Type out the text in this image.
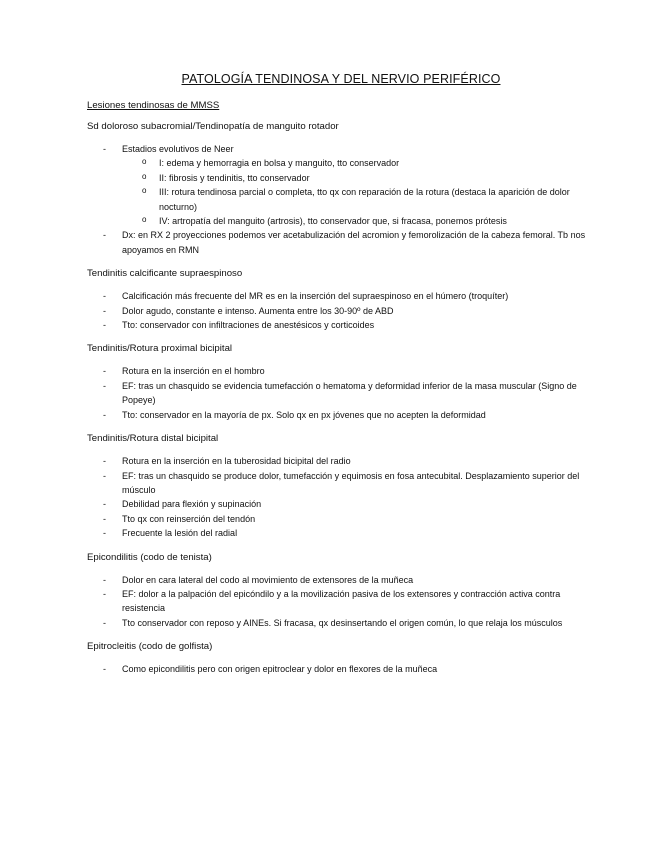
PATOLOGÍA TENDINOSA Y DEL NERVIO PERIFÉRICO
Lesiones tendinosas de MMSS
Sd doloroso subacromial/Tendinopatía de manguito rotador
- Estadios evolutivos de Neer
o I: edema y hemorragia en bolsa y manguito, tto conservador
o II: fibrosis y tendinitis, tto conservador
o III: rotura tendinosa parcial o completa, tto qx con reparación de la rotura (destaca la aparición de dolor nocturno)
o IV: artropatía del manguito (artrosis), tto conservador que, si fracasa, ponemos prótesis
- Dx: en RX 2 proyecciones podemos ver acetabulización del acromion y femorolización de la cabeza femoral. Tb nos apoyamos en RMN
Tendinitis calcificante supraespinoso
- Calcificación más frecuente del MR es en la inserción del supraespinoso en el húmero (troquíter)
- Dolor agudo, constante e intenso. Aumenta entre los 30-90º de ABD
- Tto: conservador con infiltraciones de anestésicos y corticoides
Tendinitis/Rotura proximal bicipital
- Rotura en la inserción en el hombro
- EF: tras un chasquido se evidencia tumefacción o hematoma y deformidad inferior de la masa muscular (Signo de Popeye)
- Tto: conservador en la mayoría de px. Solo qx en px jóvenes que no acepten la deformidad
Tendinitis/Rotura distal bicipital
- Rotura en la inserción en la tuberosidad bicipital del radio
- EF: tras un chasquido se produce dolor, tumefacción y equimosis en fosa antecubital. Desplazamiento superior del músculo
- Debilidad para flexión y supinación
- Tto qx con reinserción del tendón
- Frecuente la lesión del radial
Epicondilitis (codo de tenista)
- Dolor en cara lateral del codo al movimiento de extensores de la muñeca
- EF: dolor a la palpación del epicóndilo y a la movilización pasiva de los extensores y contracción activa contra resistencia
- Tto conservador con reposo y AINEs. Si fracasa, qx desinsertando el origen común, lo que relaja los músculos
Epitrocleitis (codo de golfista)
- Como epicondilitis pero con origen epitroclear y dolor en flexores de la muñeca
